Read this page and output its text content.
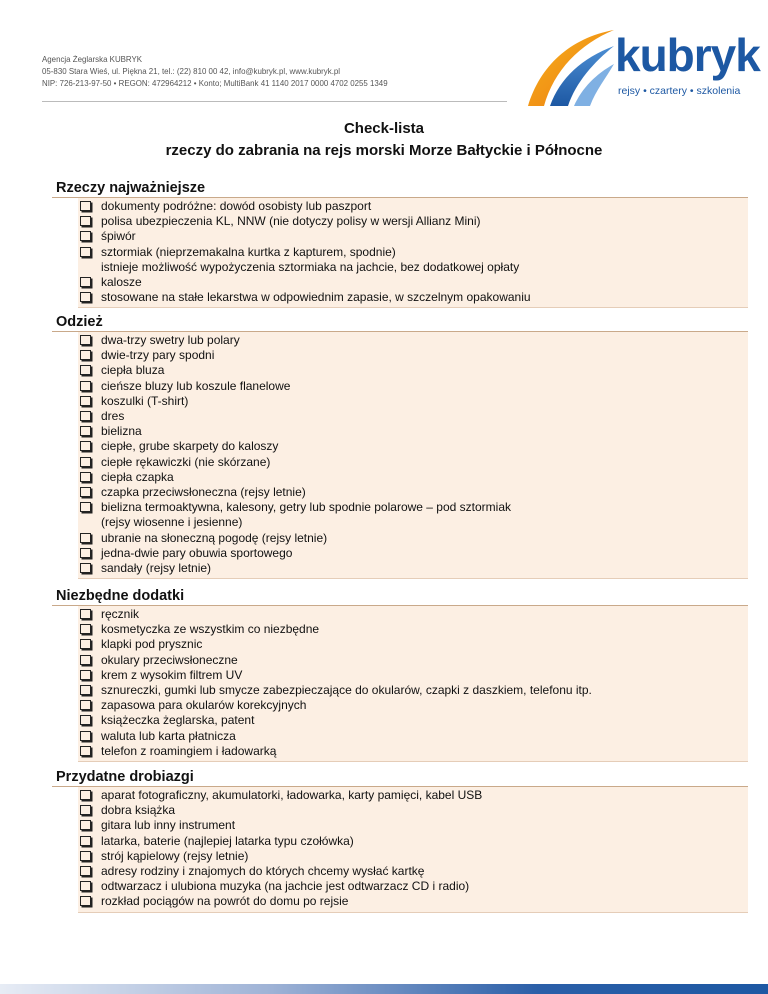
Agencja Żeglarska KUBRYK
05-830 Stara Wieś, ul. Piękna 21, tel.: (22) 810 00 42, info@kubryk.pl, www.kubryk.pl
NIP: 726-213-97-50 • REGON: 472964212 • Konto; MultiBank 41 1140 2017 0000 4702 0255 1349
kubryk
rejsy • czartery • szkolenia
Check-lista
rzeczy do zabrania na rejs morski Morze Bałtyckie i Północne
Rzeczy najważniejsze
dokumenty podróżne: dowód osobisty lub paszport
polisa ubezpieczenia KL, NNW (nie dotyczy polisy w wersji Allianz Mini)
śpiwór
sztormiak (nieprzemakalna kurtka z kapturem, spodnie)
istnieje możliwość wypożyczenia sztormiaka na jachcie, bez dodatkowej opłaty
kalosze
stosowane na stałe lekarstwa w odpowiednim zapasie, w szczelnym opakowaniu
Odzież
dwa-trzy swetry lub polary
dwie-trzy pary spodni
ciepła bluza
cieńsze bluzy lub koszule flanelowe
koszulki (T-shirt)
dres
bielizna
ciepłe, grube skarpety do kaloszy
ciepłe rękawiczki (nie skórzane)
ciepła czapka
czapka przeciwsłoneczna (rejsy letnie)
bielizna termoaktywna, kalesony, getry lub spodnie polarowe – pod sztormiak
(rejsy wiosenne i jesienne)
ubranie na słoneczną pogodę (rejsy letnie)
jedna-dwie pary obuwia sportowego
sandały (rejsy letnie)
Niezbędne dodatki
ręcznik
kosmetyczka ze wszystkim co niezbędne
klapki pod prysznic
okulary przeciwsłoneczne
krem z wysokim filtrem UV
sznureczki, gumki lub smycze zabezpieczające do okularów, czapki z daszkiem, telefonu itp.
zapasowa para okularów korekcyjnych
książeczka żeglarska, patent
waluta lub karta płatnicza
telefon z roamingiem i ładowarką
Przydatne drobiazgi
aparat fotograficzny, akumulatorki, ładowarka, karty pamięci, kabel USB
dobra książka
gitara lub inny instrument
latarka, baterie (najlepiej latarka typu czołówka)
strój kąpielowy (rejsy letnie)
adresy rodziny i znajomych do których chcemy wysłać kartkę
odtwarzacz i ulubiona muzyka (na jachcie jest odtwarzacz CD i radio)
rozkład pociągów na powrót do domu po rejsie
